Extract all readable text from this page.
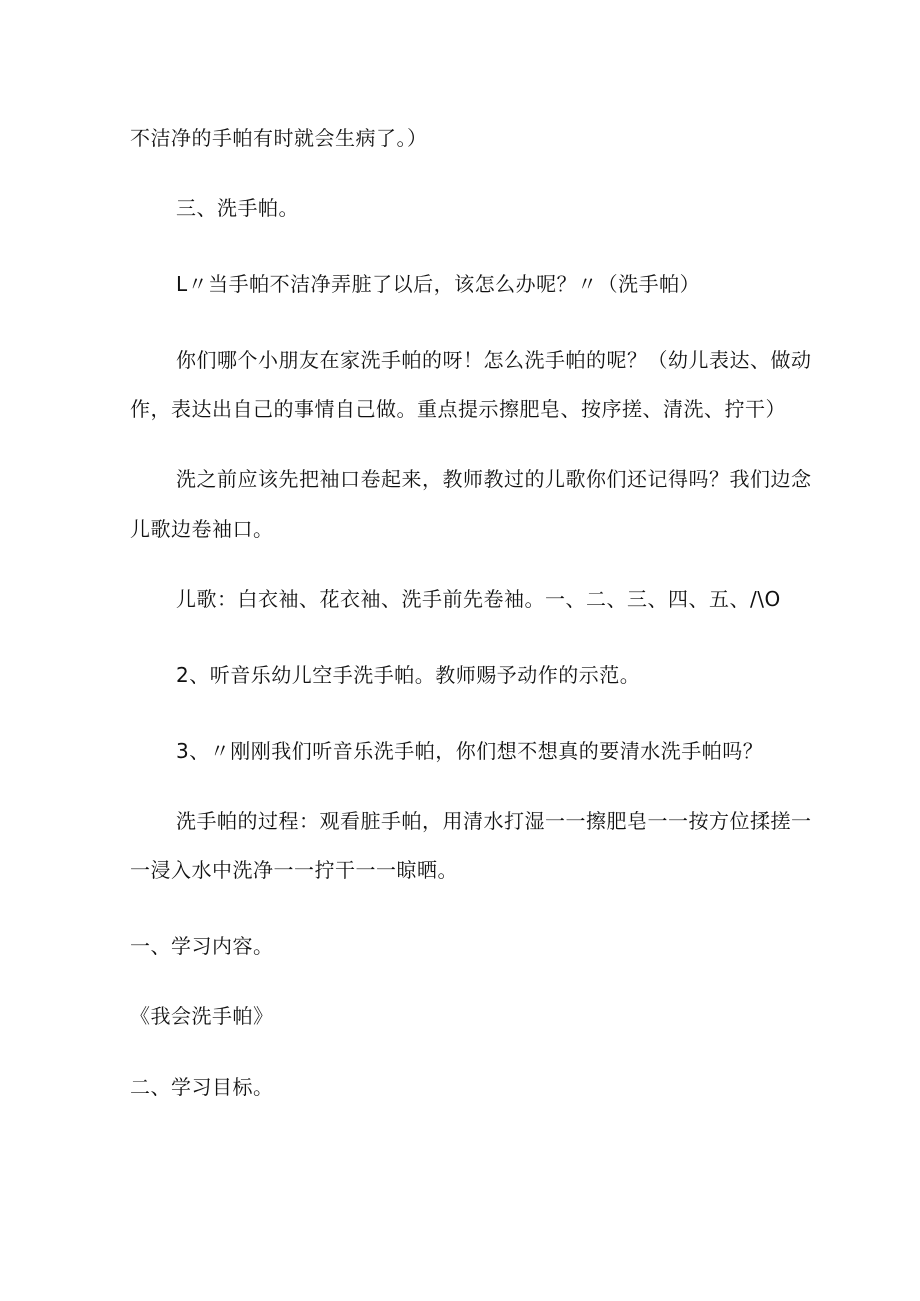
不洁净的手帕有时就会生病了。）
三、洗手帕。
L〃当手帕不洁净弄脏了以后，该怎么办呢？〃（洗手帕）
你们哪个小朋友在家洗手帕的呀！怎么洗手帕的呢？（幼儿表达、做动
作，表达出自己的事情自己做。重点提示擦肥皂、按序搓、清洗、拧干）
洗之前应该先把袖口卷起来，教师教过的儿歌你们还记得吗？我们边念
儿歌边卷袖口。
儿歌：白衣袖、花衣袖、洗手前先卷袖。一、二、三、四、五、/\O
2、听音乐幼儿空手洗手帕。教师赐予动作的示范。
3、〃刚刚我们听音乐洗手帕，你们想不想真的要清水洗手帕吗？
洗手帕的过程：观看脏手帕，用清水打湿一一擦肥皂一一按方位揉搓一
一浸入水中洗净一一拧干一一晾晒。
一、学习内容。
《我会洗手帕》
二、学习目标。
